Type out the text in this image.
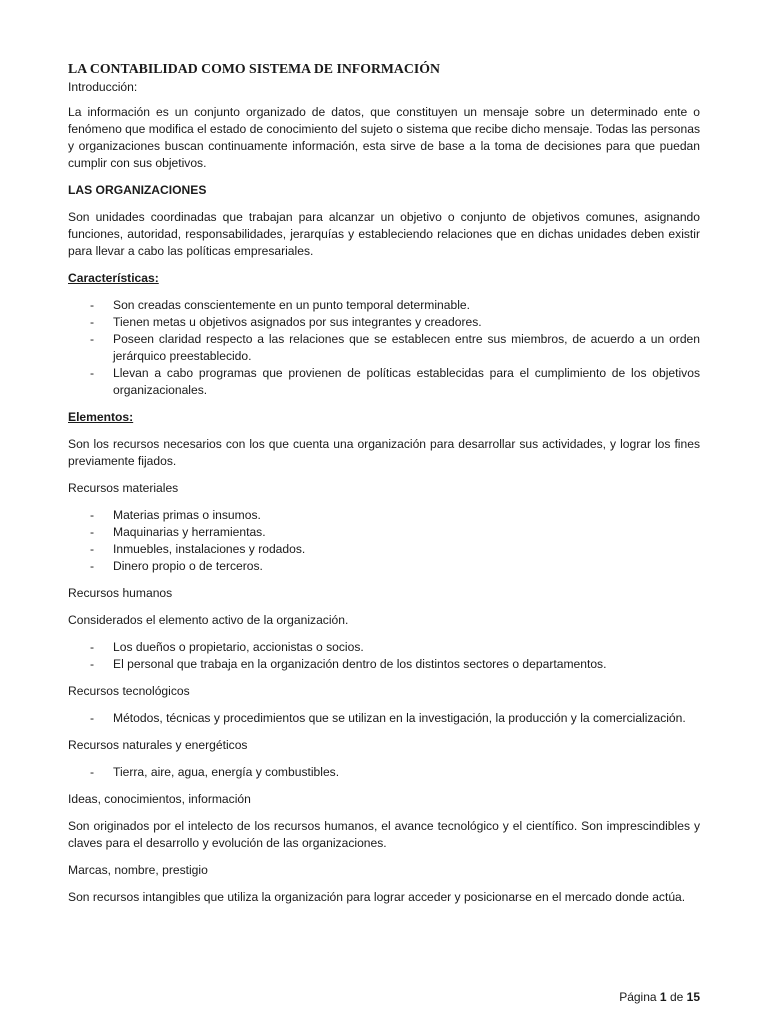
LA CONTABILIDAD COMO SISTEMA DE INFORMACIÓN

Introducción:

La información es un conjunto organizado de datos, que constituyen un mensaje sobre un determinado ente o fenómeno que modifica el estado de conocimiento del sujeto o sistema que recibe dicho mensaje. Todas las personas y organizaciones buscan continuamente información, esta sirve de base a la toma de decisiones para que puedan cumplir con sus objetivos.

LAS ORGANIZACIONES

Son unidades coordinadas que trabajan para alcanzar un objetivo o conjunto de objetivos comunes, asignando funciones, autoridad, responsabilidades, jerarquías y estableciendo relaciones que en dichas unidades deben existir para llevar a cabo las políticas empresariales.

Características:

- Son creadas conscientemente en un punto temporal determinable.
- Tienen metas u objetivos asignados por sus integrantes y creadores.
- Poseen claridad respecto a las relaciones que se establecen entre sus miembros, de acuerdo a un orden jerárquico preestablecido.
- Llevan a cabo programas que provienen de políticas establecidas para el cumplimiento de los objetivos organizacionales.

Elementos:

Son los recursos necesarios con los que cuenta una organización para desarrollar sus actividades, y lograr los fines previamente fijados.

Recursos materiales

- Materias primas o insumos.
- Maquinarias y herramientas.
- Inmuebles, instalaciones y rodados.
- Dinero propio o de terceros.

Recursos humanos

Considerados el elemento activo de la organización.

- Los dueños o propietario, accionistas o socios.
- El personal que trabaja en la organización dentro de los distintos sectores o departamentos.

Recursos tecnológicos

- Métodos, técnicas y procedimientos que se utilizan en la investigación, la producción y la comercialización.

Recursos naturales y energéticos

- Tierra, aire, agua, energía y combustibles.

Ideas, conocimientos, información

Son originados por el intelecto de los recursos humanos, el avance tecnológico y el científico. Son imprescindibles y claves para el desarrollo y evolución de las organizaciones.

Marcas, nombre, prestigio

Son recursos intangibles que utiliza la organización para lograr acceder y posicionarse en el mercado donde actúa.

Página 1 de 15
